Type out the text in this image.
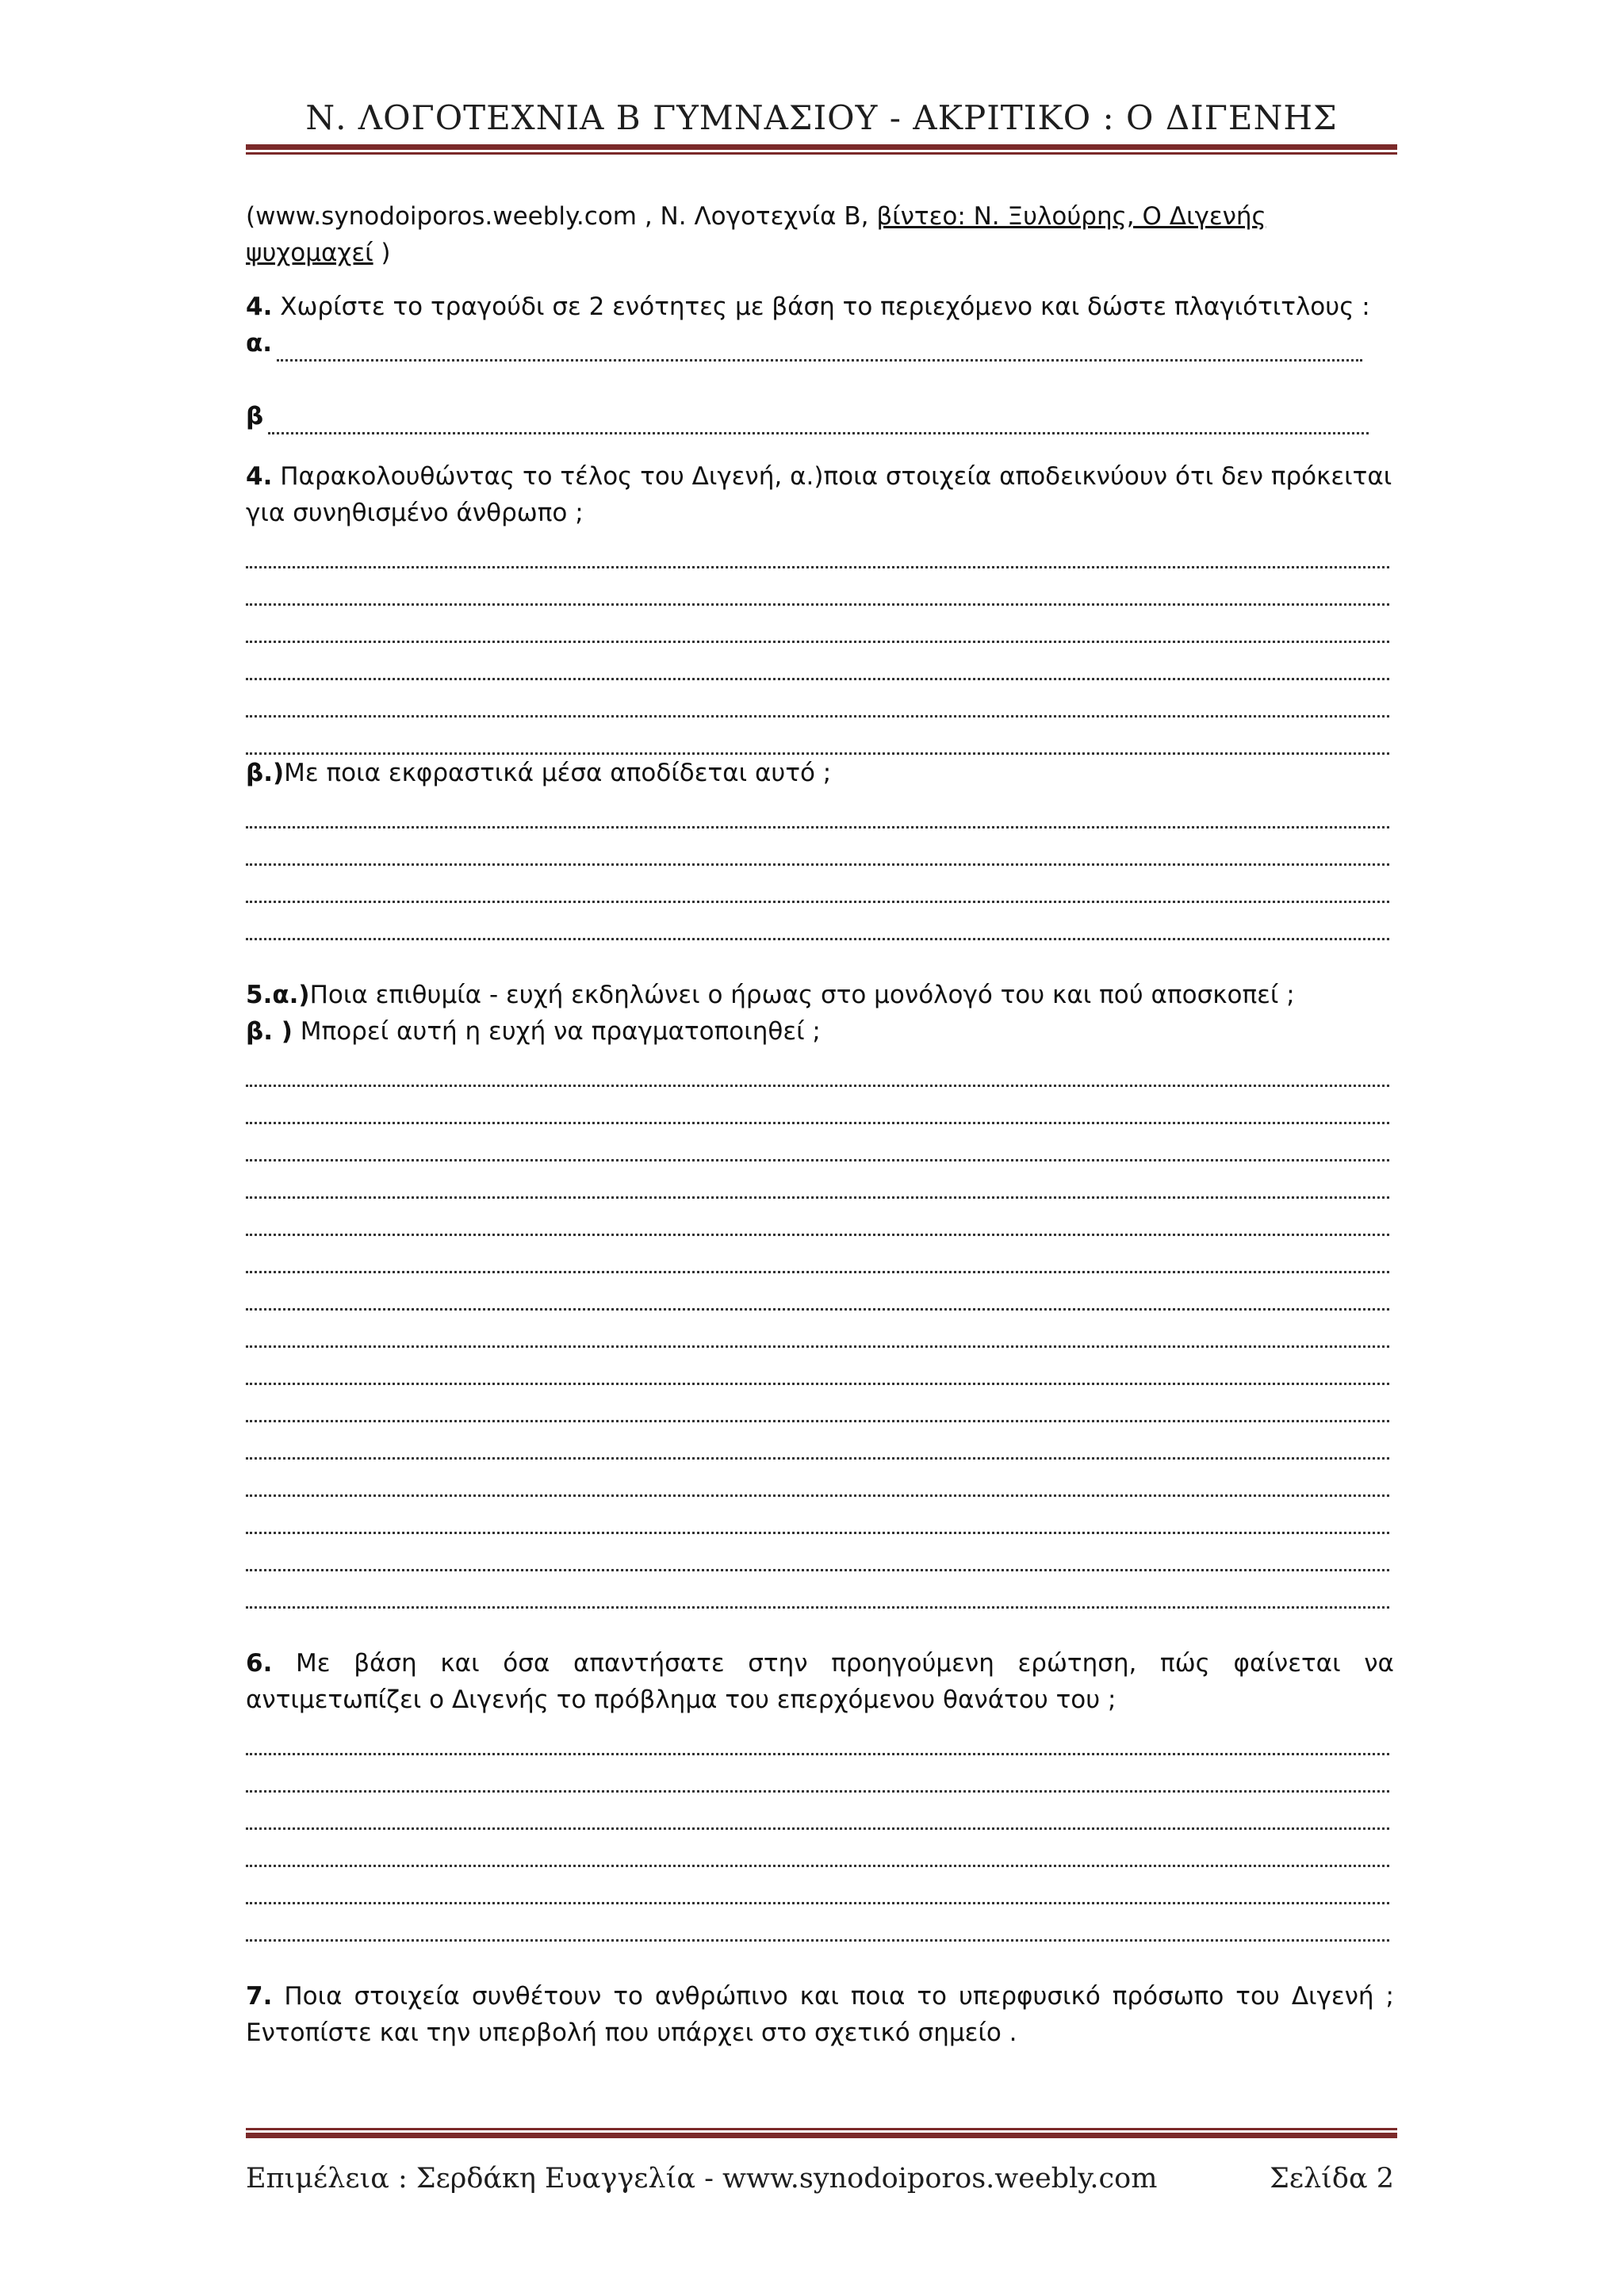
Ν. ΛΟΓΟΤΕΧΝΙΑ Β ΓΥΜΝΑΣΙΟΥ - ΑΚΡΙΤΙΚΟ : Ο ΔΙΓΕΝΗΣ

(www.synodoiporos.weebly.com , Ν. Λογοτεχνία Β, βίντεο: Ν. Ξυλούρης, Ο Διγενής
ψυχομαχεί )

4. Χωρίστε το τραγούδι σε 2 ενότητες με βάση το περιεχόμενο και δώστε πλαγιότιτλους :

α.
β

4. Παρακολουθώντας το τέλος του Διγενή, α.)ποια στοιχεία αποδεικνύουν ότι δεν πρόκειται για συνηθισμένο άνθρωπο ;

β.)Με ποια εκφραστικά μέσα αποδίδεται αυτό ;

5.α.)Ποια επιθυμία - ευχή εκδηλώνει ο ήρωας στο μονόλογό του και πού αποσκοπεί ;

β. ) Μπορεί αυτή η ευχή να πραγματοποιηθεί ;

6. Με βάση και όσα απαντήσατε στην προηγούμενη ερώτηση, πώς φαίνεται να αντιμετωπίζει ο Διγενής το πρόβλημα του επερχόμενου θανάτου του ;

7. Ποια στοιχεία συνθέτουν το ανθρώπινο και ποια το υπερφυσικό πρόσωπο του Διγενή ; Εντοπίστε και την υπερβολή που υπάρχει στο σχετικό σημείο .

Επιμέλεια : Σερδάκη Ευαγγελία - www.synodoiporos.weebly.com	Σελίδα 2
